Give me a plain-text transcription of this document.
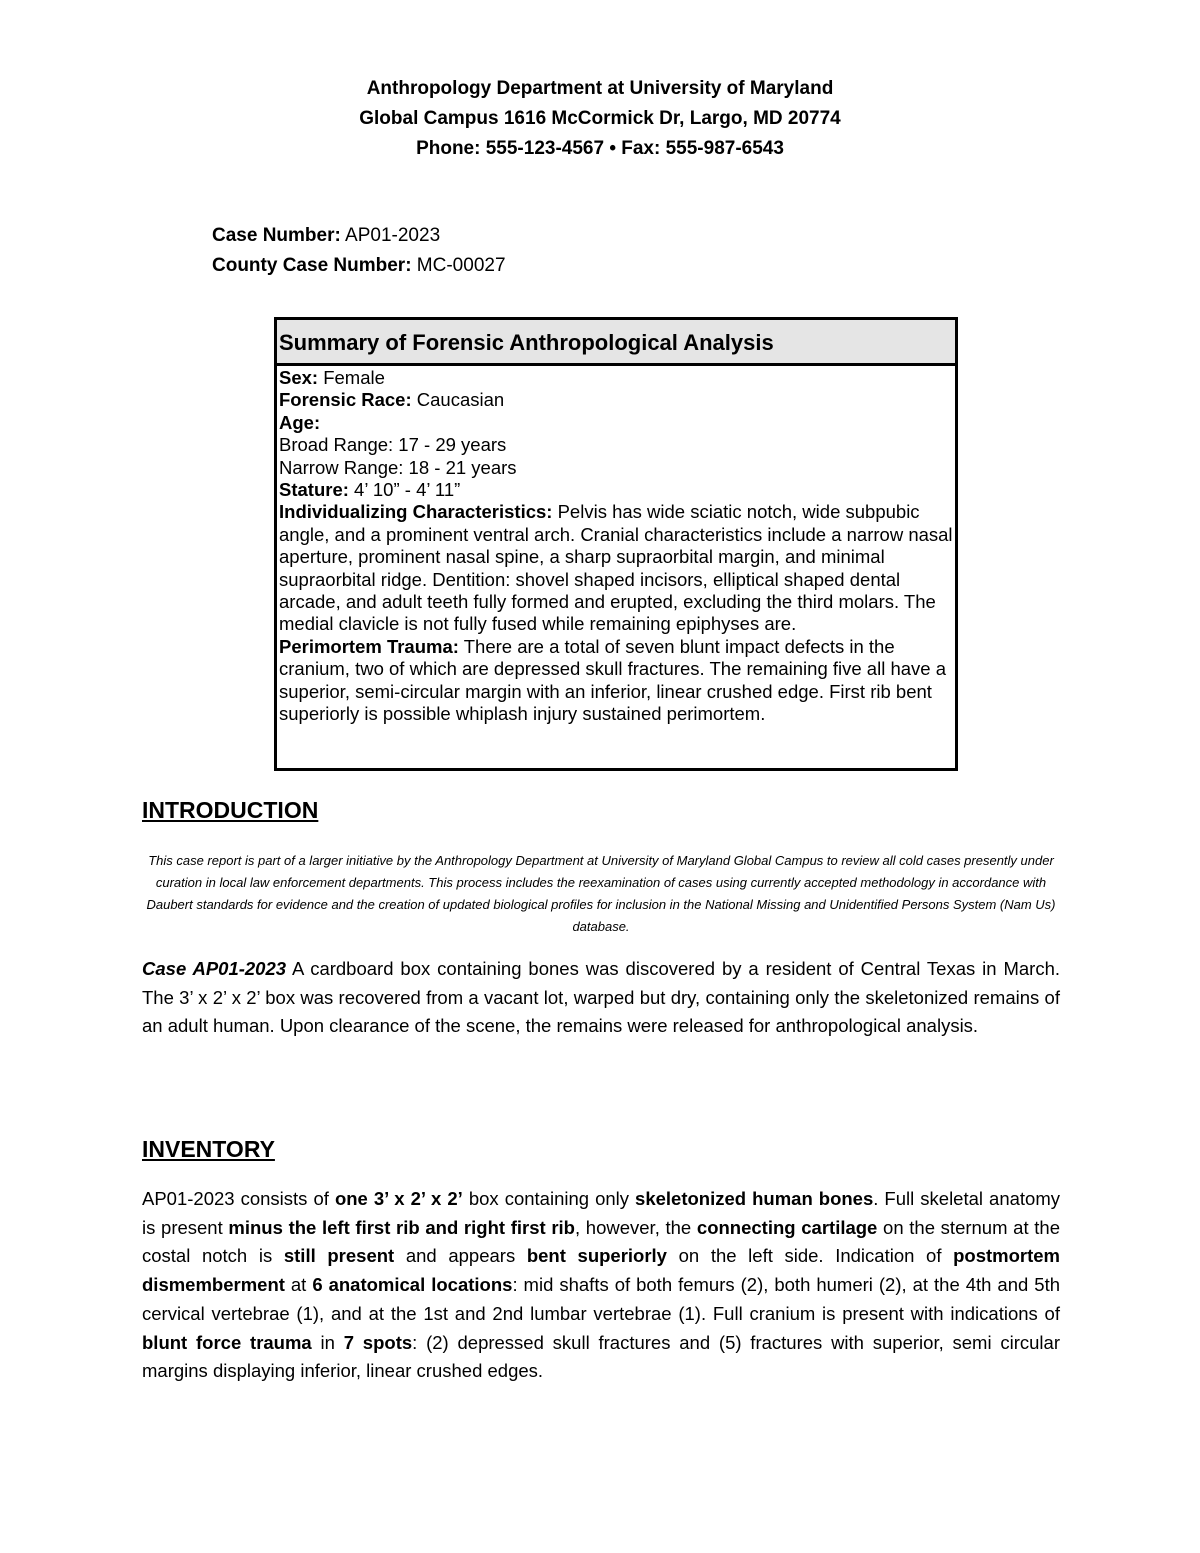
Anthropology Department at University of Maryland
Global Campus 1616 McCormick Dr, Largo, MD 20774
Phone: 555-123-4567 • Fax: 555-987-6543
Case Number: AP01-2023
County Case Number: MC-00027
Summary of Forensic Anthropological Analysis

Sex: Female

Forensic Race: Caucasian

Age:

Broad Range: 17 - 29 years

Narrow Range: 18 - 21 years

Stature: 4’ 10” - 4’ 11”

Individualizing Characteristics: Pelvis has wide sciatic notch, wide subpubic angle, and a prominent ventral arch. Cranial characteristics include a narrow nasal aperture, prominent nasal spine, a sharp supraorbital margin, and minimal supraorbital ridge. Dentition: shovel shaped incisors, elliptical shaped dental arcade, and adult teeth fully formed and erupted, excluding the third molars. The medial clavicle is not fully fused while remaining epiphyses are.

Perimortem Trauma: There are a total of seven blunt impact defects in the cranium, two of which are depressed skull fractures. The remaining five all have a superior, semi-circular margin with an inferior, linear crushed edge. First rib bent superiorly is possible whiplash injury sustained perimortem.

INTRODUCTION
This case report is part of a larger initiative by the Anthropology Department at University of Maryland Global Campus to review all cold cases presently under curation in local law enforcement departments. This process includes the reexamination of cases using currently accepted methodology in accordance with Daubert standards for evidence and the creation of updated biological profiles for inclusion in the National Missing and Unidentified Persons System (Nam Us) database.

Case AP01-2023 A cardboard box containing bones was discovered by a resident of Central Texas in March. The 3’ x 2’ x 2’ box was recovered from a vacant lot, warped but dry, containing only the skeletonized remains of an adult human. Upon clearance of the scene, the remains were released for anthropological analysis.

INVENTORY

AP01-2023 consists of one 3’ x 2’ x 2’ box containing only skeletonized human bones. Full skeletal anatomy is present minus the left first rib and right first rib, however, the connecting cartilage on the sternum at the costal notch is still present and appears bent superiorly on the left side. Indication of postmortem dismemberment at 6 anatomical locations: mid shafts of both femurs (2), both humeri (2), at the 4th and 5th cervical vertebrae (1), and at the 1st and 2nd lumbar vertebrae (1). Full cranium is present with indications of blunt force trauma in 7 spots: (2) depressed skull fractures and (5) fractures with superior, semi circular margins displaying inferior, linear crushed edges.
